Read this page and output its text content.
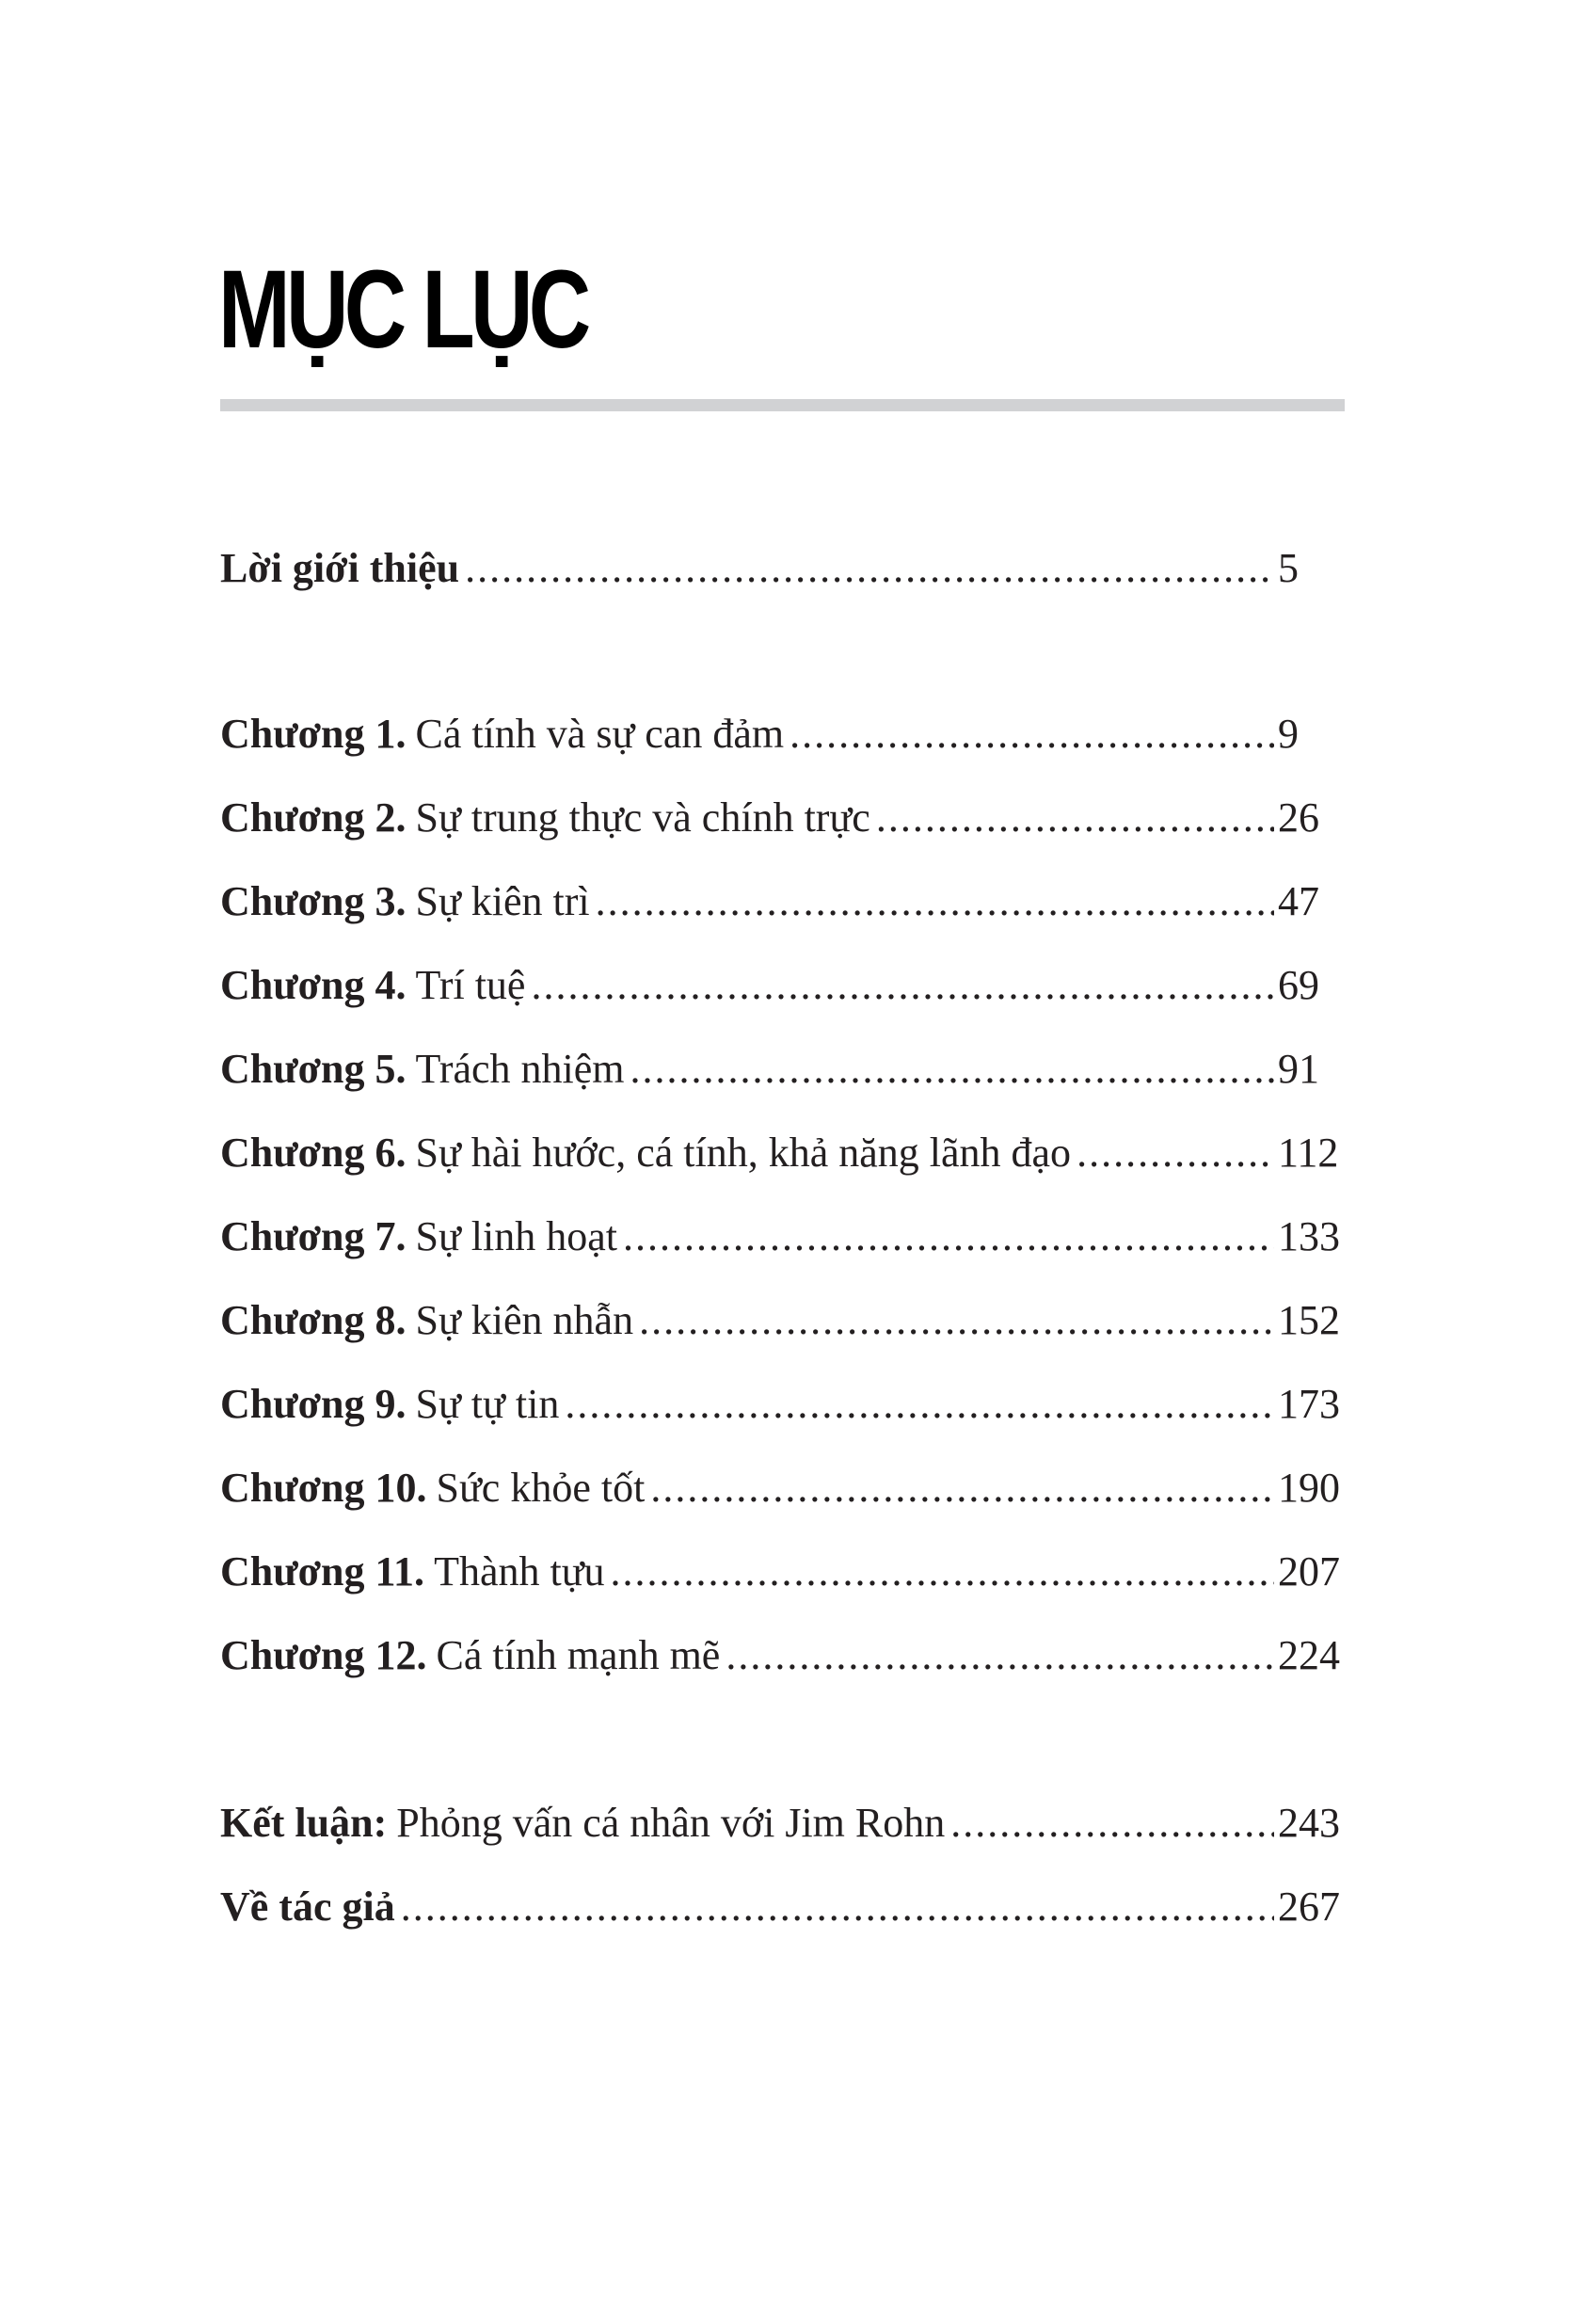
MỤC LỤC
Lời giới thiệu .....	5
Chương 1. Cá tính và sự can đảm .....	9
Chương 2. Sự trung thực và chính trực .....	26
Chương 3. Sự kiên trì .....	47
Chương 4. Trí tuệ .....	69
Chương 5. Trách nhiệm .....	91
Chương 6. Sự hài hước, cá tính, khả năng lãnh đạo .....	112
Chương 7. Sự linh hoạt .....	133
Chương 8. Sự kiên nhẫn .....	152
Chương 9. Sự tự tin .....	173
Chương 10. Sức khỏe tốt .....	190
Chương 11. Thành tựu .....	207
Chương 12. Cá tính mạnh mẽ .....	224
Kết luận: Phỏng vấn cá nhân với Jim Rohn .....	243
Về tác giả .....	267
